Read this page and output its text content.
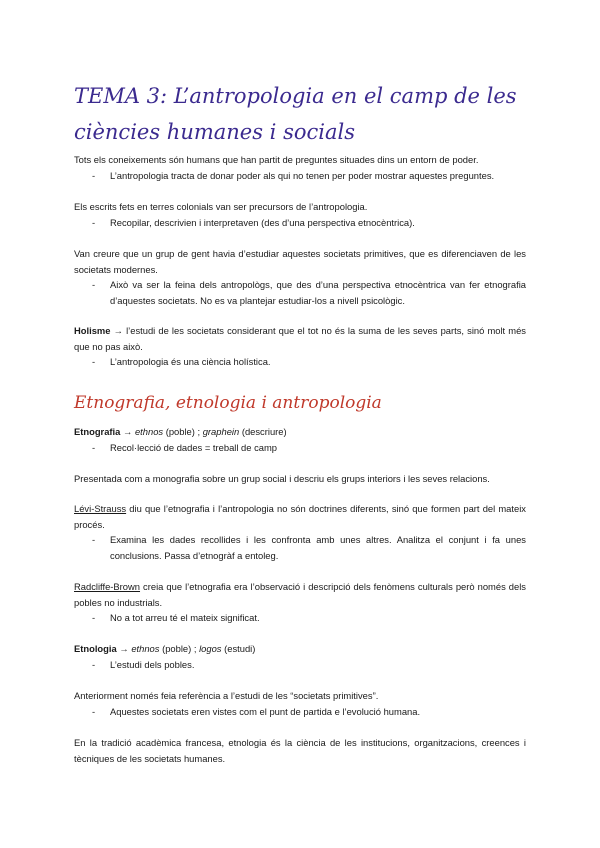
TEMA 3: L’antropologia en el camp de les ciències humanes i socials

Tots els coneixements són humans que han partit de preguntes situades dins un entorn de poder.

-	L’antropologia tracta de donar poder als qui no tenen per poder mostrar aquestes preguntes.

Els escrits fets en terres colonials van ser precursors de l’antropologia.

-	Recopilar, descrivien i interpretaven (des d’una perspectiva etnocèntrica).

Van creure que un grup de gent havia d’estudiar aquestes societats primitives, que es diferenciaven de les societats modernes.

-	Això va ser la feina dels antropològs, que des d’una perspectiva etnocèntrica van fer etnografia d’aquestes societats. No es va plantejar estudiar-los a nivell psicològic.

Holisme → l’estudi de les societats considerant que el tot no és la suma de les seves parts, sinó molt més que no pas això.

-	L’antropologia és una ciència holística.
Etnografia, etnologia i antropologia

Etnografia → ethnos (poble) ; graphein (descriure)

-	Recol·lecció de dades = treball de camp

Presentada com a monografia sobre un grup social i descriu els grups interiors i les seves relacions.

Lévi-Strauss diu que l’etnografia i l’antropologia no són doctrines diferents, sinó que formen part del mateix procés.

-	Examina les dades recollides i les confronta amb unes altres. Analitza el conjunt i fa unes conclusions. Passa d’etnogràf a entoleg.

Radcliffe-Brown creia que l’etnografia era l’observació i descripció dels fenòmens culturals però només dels pobles no industrials.

-	No a tot arreu té el mateix significat.

Etnologia → ethnos (poble) ; logos (estudi)

-	L’estudi dels pobles.

Anteriorment només feia referència a l’estudi de les “societats primitives”.

-	Aquestes societats eren vistes com el punt de partida e l’evolució humana.

En la tradició acadèmica francesa, etnologia és la ciència de les institucions, organitzacions, creences i tècniques de les societats humanes.
